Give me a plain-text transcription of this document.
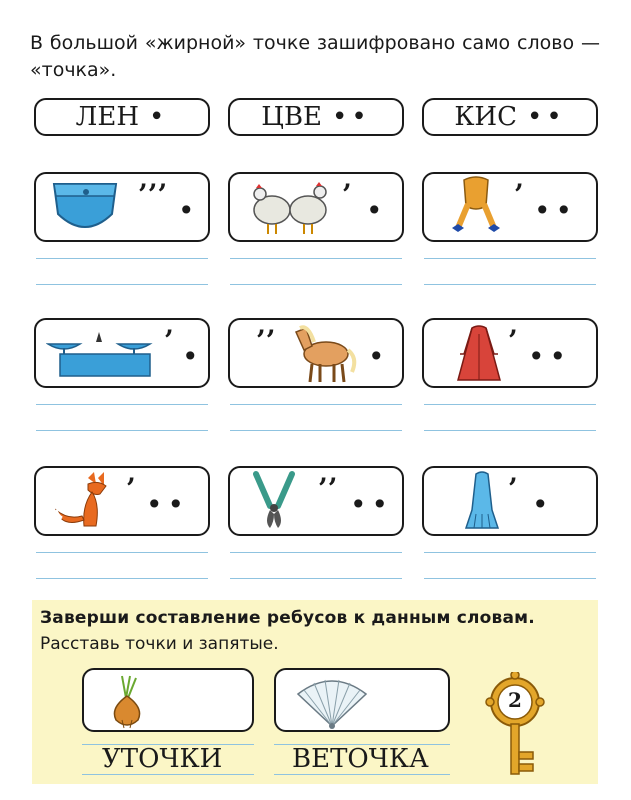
В большой «жирной» точке зашифровано само слово — «точка».
ЛЕН •	ЦВЕ ••	КИС ••
’’’ •	’ •	’ ••
’ • ’’	•	’ ••
’ ••	’’ ••	’ •
Заверши составление ребусов к данным словам.
Расставь точки и запятые.
УТОЧКИ	ВЕТОЧКА
2
